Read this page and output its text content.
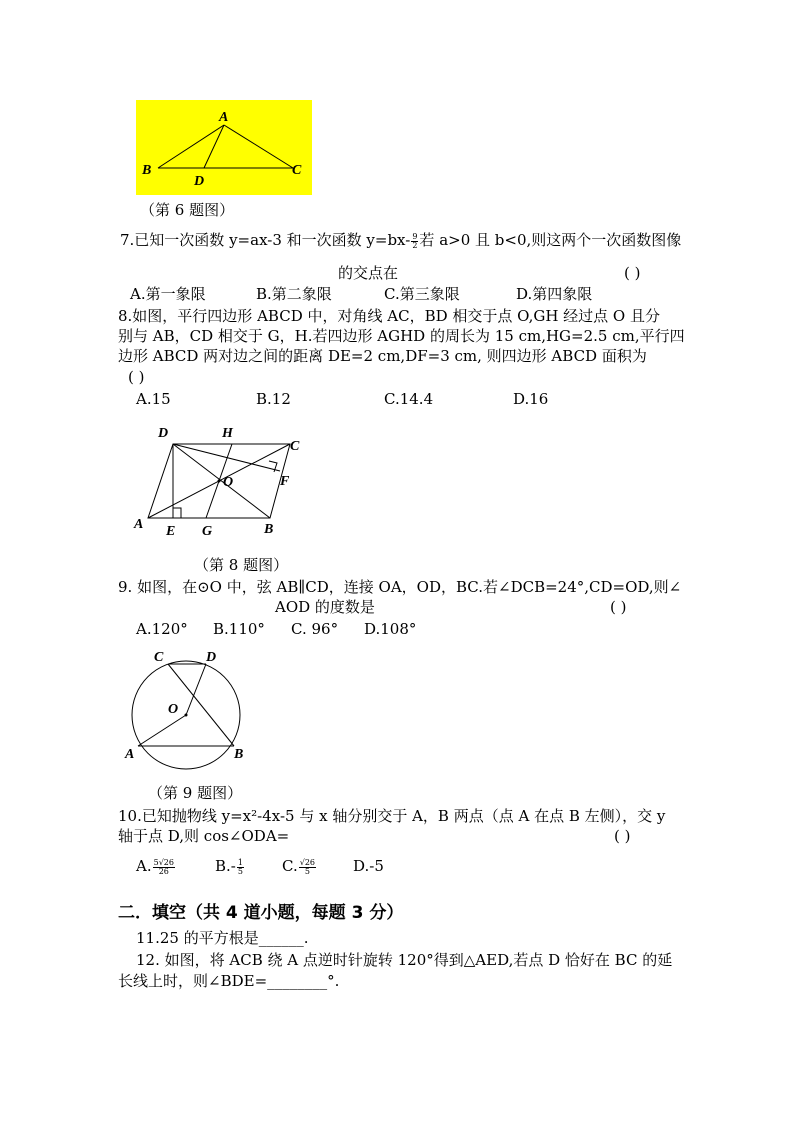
A
B	C
D
（第 6 题图）
7.已知一次函数 y=ax-3 和一次函数 $y=bx- \frac{9}{2}$ 若 a>0 且 b<0,则这两个一次函数图像
的交点在	( )
A.第一象限	B.第二象限	C.第三象限	D.第四象限
8.如图，平行四边形 ABCD 中，对角线 AC，BD 相交于点 O,GH 经过点 O 且分
别与 AB，CD 相交于 G，H.若四边形 AGHD 的周长为 15 cm,HG=2.5 cm,平行四
边形 ABCD 两对边之间的距离 DE=2 cm,DF=3 cm, 则四边形 ABCD 面积为
( )
A.15	B.12	C.14.4	D.16
D	H
C
O	F
A E G	B
（第 8 题图）
9. 如图，在⊙O 中，弦 AB∥CD，连接 OA，OD，BC.若∠DCB=24°,CD=OD,则∠
AOD 的度数是	( )
A.120° B.110° C. 96° D.108°
C	D
O
A	B
（第 9 题图）
10.已知抛物线 y=x²-4x-5 与 x 轴分别交于 A，B 两点（点 A 在点 B 左侧），交 y
轴于点 D,则 cos∠ODA=	( )
A. $\frac{5√26}{26}$	$B.- \frac{1}{5}$	C. $\frac{√26}{5} D.-5$
二．填空（共 4 道小题，每题 3 分）
11.25 的平方根是______.
12. 如图，将 ACB 绕 A 点逆时针旋转 120°得到△AED,若点 D 恰好在 BC 的延
长线上时，则∠BDE=________°.
